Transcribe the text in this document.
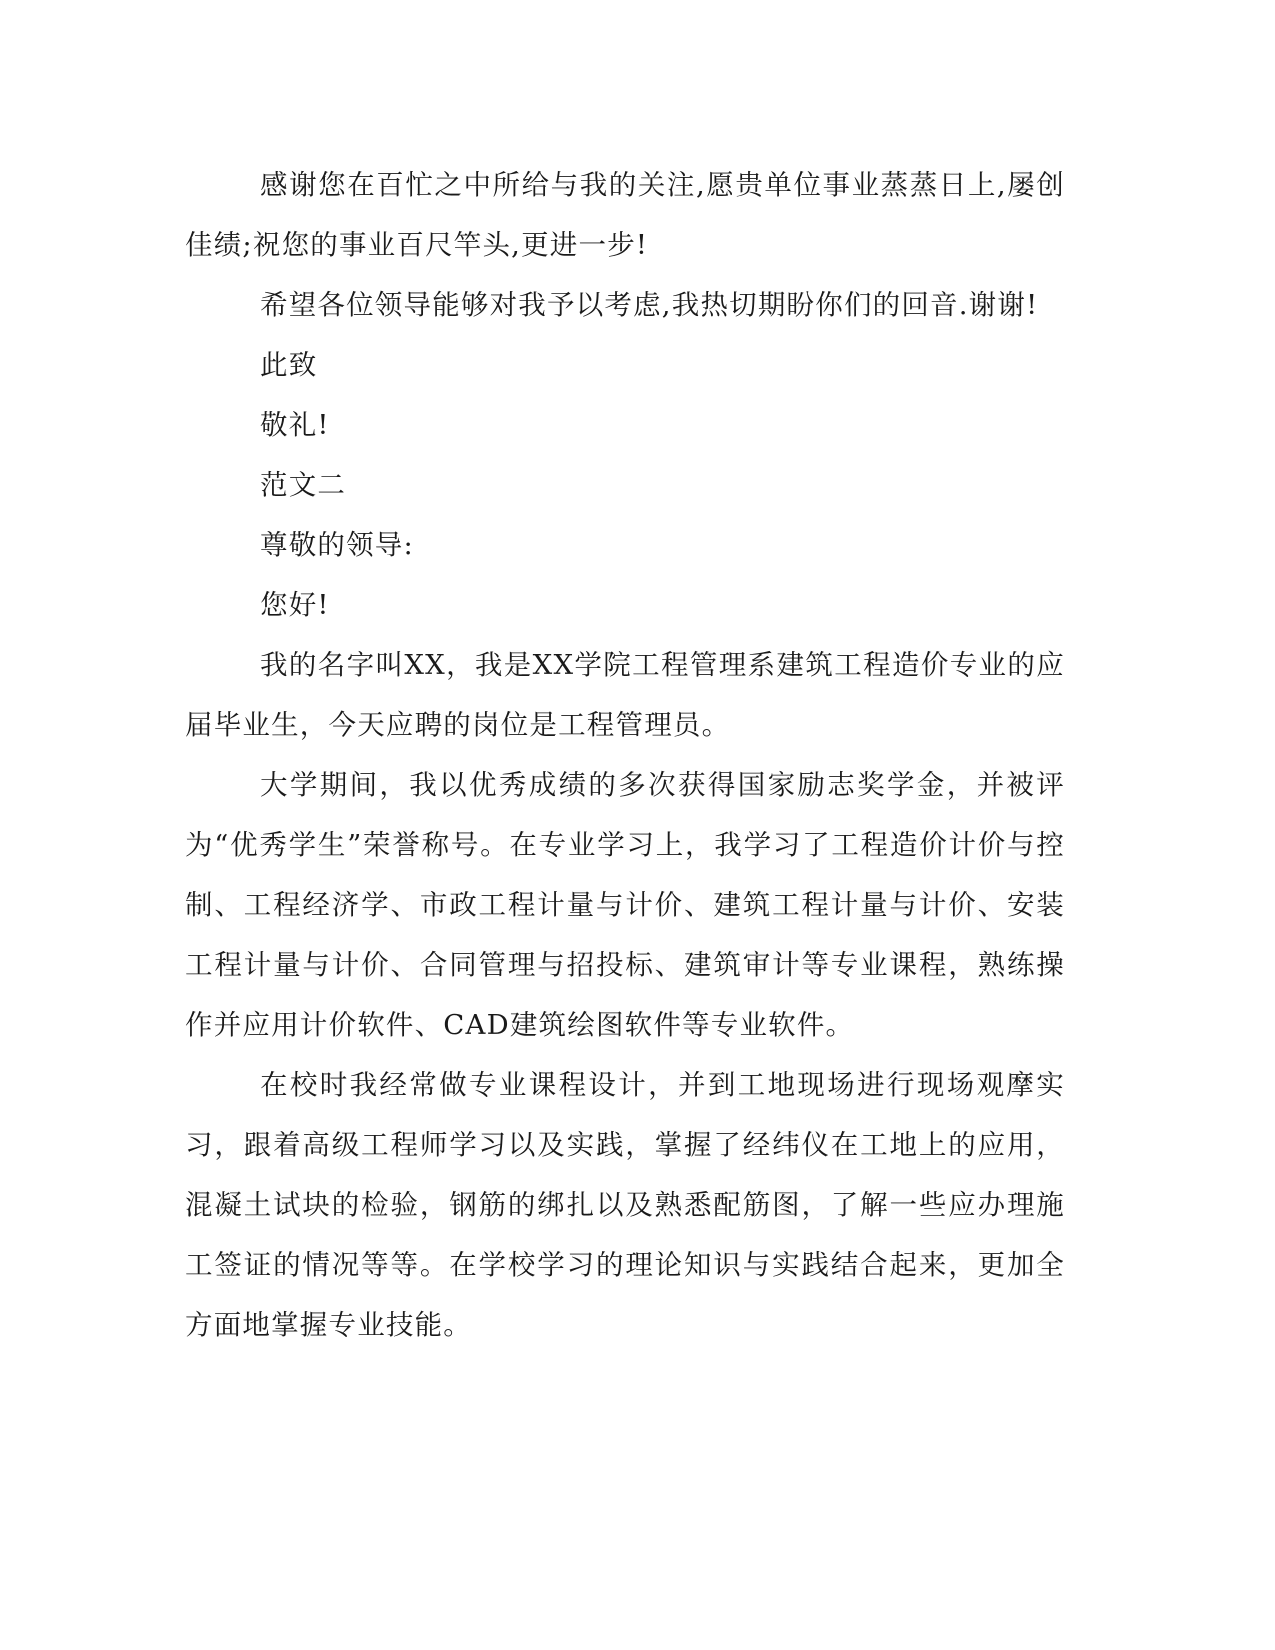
感谢您在百忙之中所给与我的关注,愿贵单位事业蒸蒸日上,屡创佳绩;祝您的事业百尺竿头,更进一步!

希望各位领导能够对我予以考虑,我热切期盼你们的回音.谢谢!

此致

敬礼!

范文二

尊敬的领导:

您好!

我的名字叫XX，我是XX学院工程管理系建筑工程造价专业的应届毕业生，今天应聘的岗位是工程管理员。

大学期间，我以优秀成绩的多次获得国家励志奖学金，并被评为“优秀学生”荣誉称号。在专业学习上，我学习了工程造价计价与控制、工程经济学、市政工程计量与计价、建筑工程计量与计价、安装工程计量与计价、合同管理与招投标、建筑审计等专业课程，熟练操作并应用计价软件、CAD建筑绘图软件等专业软件。

在校时我经常做专业课程设计，并到工地现场进行现场观摩实习，跟着高级工程师学习以及实践，掌握了经纬仪在工地上的应用，混凝土试块的检验，钢筋的绑扎以及熟悉配筋图，了解一些应办理施工签证的情况等等。在学校学习的理论知识与实践结合起来，更加全方面地掌握专业技能。
